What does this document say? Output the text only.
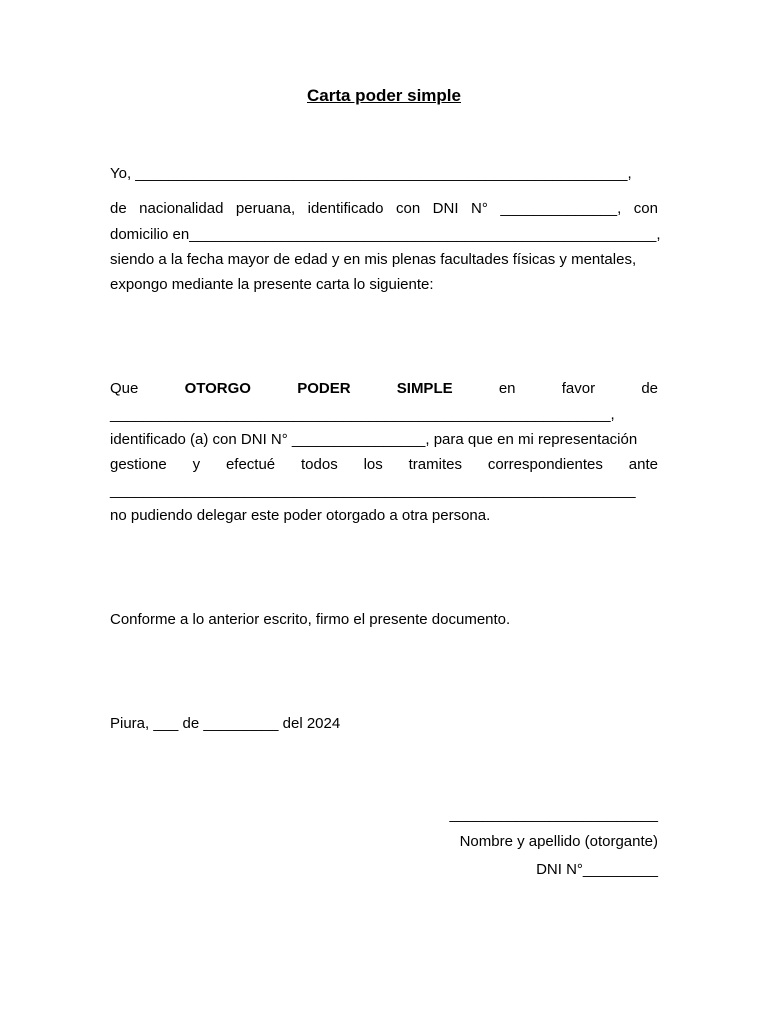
Carta poder simple
Yo, ___________________________________________________________,
de nacionalidad peruana, identificado con DNI N° ______________, con
domicilio en________________________________________________________,
siendo a la fecha mayor de edad y en mis plenas facultades físicas y mentales,
expongo mediante la presente carta lo siguiente:
Que	OTORGO	PODER	SIMPLE	en	favor	de
____________________________________________________________,
identificado (a) con DNI N° ________________, para que en mi representación
gestione y efectué todos los tramites correspondientes ante
_______________________________________________________________
no pudiendo delegar este poder otorgado a otra persona.
Conforme a lo anterior escrito, firmo el presente documento.
Piura, ___ de _________ del 2024
_________________________
Nombre y apellido (otorgante)
DNI N°_________
